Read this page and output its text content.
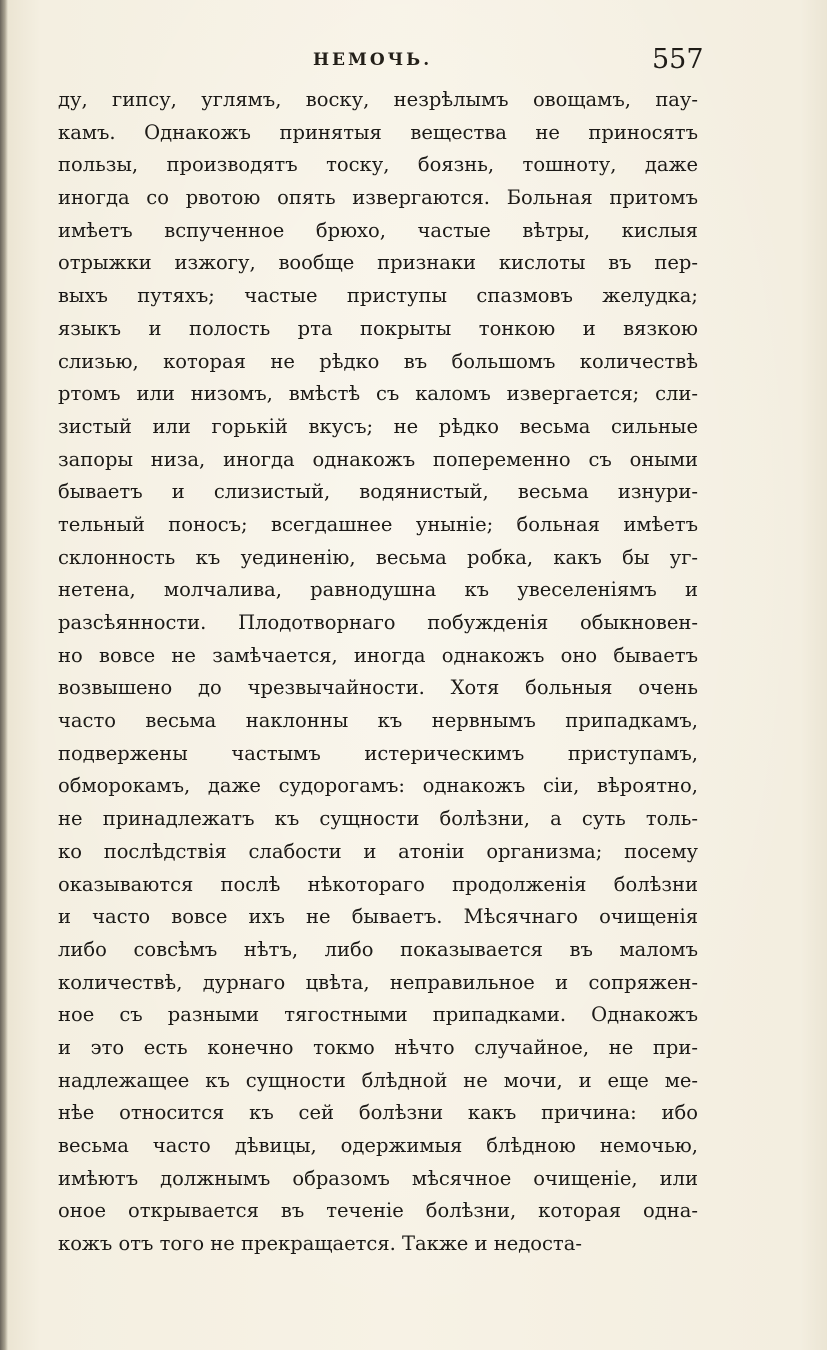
НЕМОЧЬ.	557
ду, гипсу, углямъ, воску, незрѣлымъ овощамъ, пау-
камъ. Однакожъ принятыя вещества не приносятъ
пользы, производятъ тоску, боязнь, тошноту, даже
иногда со рвотою опять извергаются. Больная притомъ
имѣетъ вспученное брюхо, частые вѣтры, кислыя
отрыжки изжогу, вообще признаки кислоты въ пер-
выхъ путяхъ; частые приступы спазмовъ желудка;
языкъ и полость рта покрыты тонкою и вязкою
слизью, которая не рѣдко въ большомъ количествѣ
ртомъ или низомъ, вмѣстѣ съ каломъ извергается; сли-
зистый или горькій вкусъ; не рѣдко весьма сильные
запоры низа, иногда однакожъ попеременно съ оными
бываетъ и слизистый, водянистый, весьма изнури-
тельный поносъ; всегдашнее уныніе; больная имѣетъ
склонность къ уединенію, весьма робка, какъ бы уг-
нетена, молчалива, равнодушна къ увеселеніямъ и
разсѣянности. Плодотворнаго побужденія обыкновен-
но вовсе не замѣчается, иногда однакожъ оно бываетъ
возвышено до чрезвычайности. Хотя больныя очень
часто весьма наклонны къ нервнымъ припадкамъ,
подвержены частымъ истерическимъ приступамъ,
обморокамъ, даже судорогамъ: однакожъ сіи, вѣроятно,
не принадлежатъ къ сущности болѣзни, а суть толь-
ко послѣдствія слабости и атоніи организма; посему
оказываются послѣ нѣкотораго продолженія болѣзни
и часто вовсе ихъ не бываетъ. Мѣсячнаго очищенія
либо совсѣмъ нѣтъ, либо показывается въ маломъ
количествѣ, дурнаго цвѣта, неправильное и сопряжен-
ное съ разными тягостными припадками. Однакожъ
и это есть конечно токмо нѣчто случайное, не при-
надлежащее къ сущности блѣдной не мочи, и еще ме-
нѣе относится къ сей болѣзни какъ причина: ибо
весьма часто дѣвицы, одержимыя блѣдною немочью,
имѣютъ должнымъ образомъ мѣсячное очищеніе, или
оное открывается въ теченіе болѣзни, которая одна-
кожъ отъ того не прекращается. Также и недоста-
